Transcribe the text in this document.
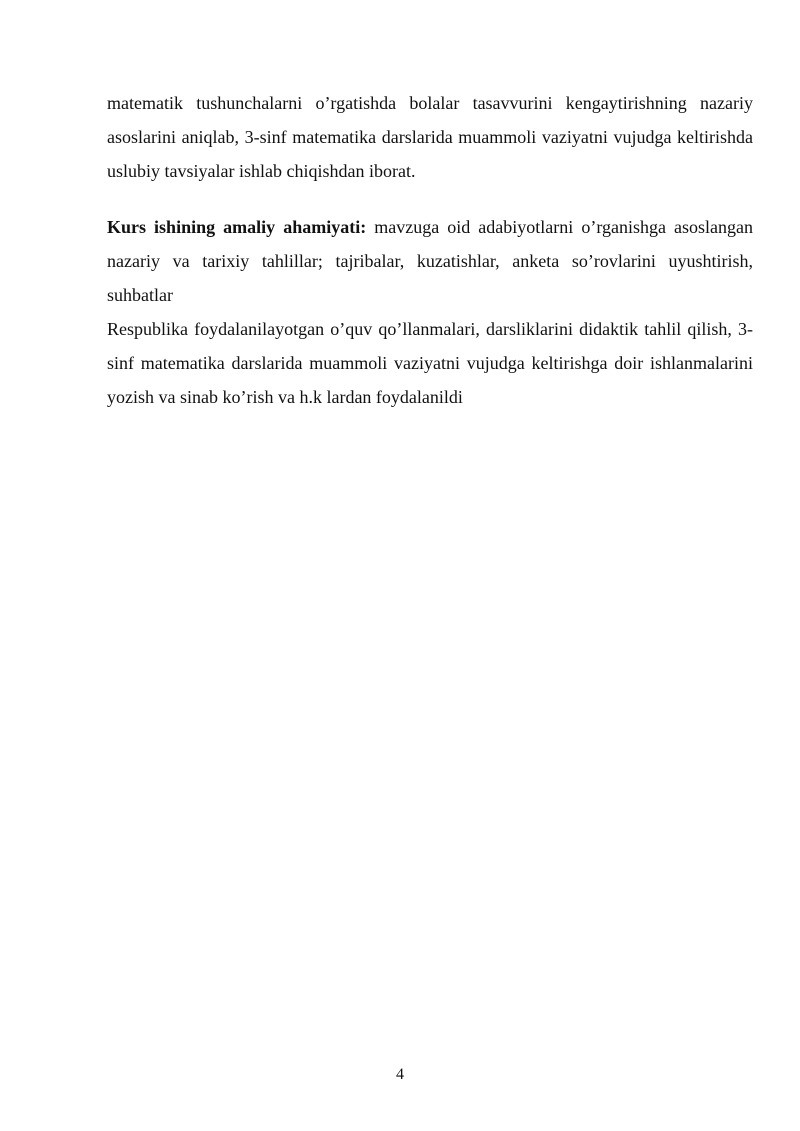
matematik tushunchalarni o’rgatishda bolalar tasavvurini kengaytirishning nazariy asoslarini aniqlab, 3-sinf matematika darslarida muammoli vaziyatni vujudga keltirishda uslubiy tavsiyalar ishlab chiqishdan iborat.

Kurs ishining amaliy ahamiyati: mavzuga oid adabiyotlarni o’rganishga asoslangan nazariy va tarixiy tahlillar; tajribalar, kuzatishlar, anketa so’rovlarini uyushtirish, suhbatlar

Respublika foydalanilayotgan o’quv qo’llanmalari, darsliklarini didaktik tahlil qilish, 3-sinf matematika darslarida muammoli vaziyatni vujudga keltirishga doir ishlanmalarini yozish va sinab ko’rish va h.k lardan foydalanildi

4
